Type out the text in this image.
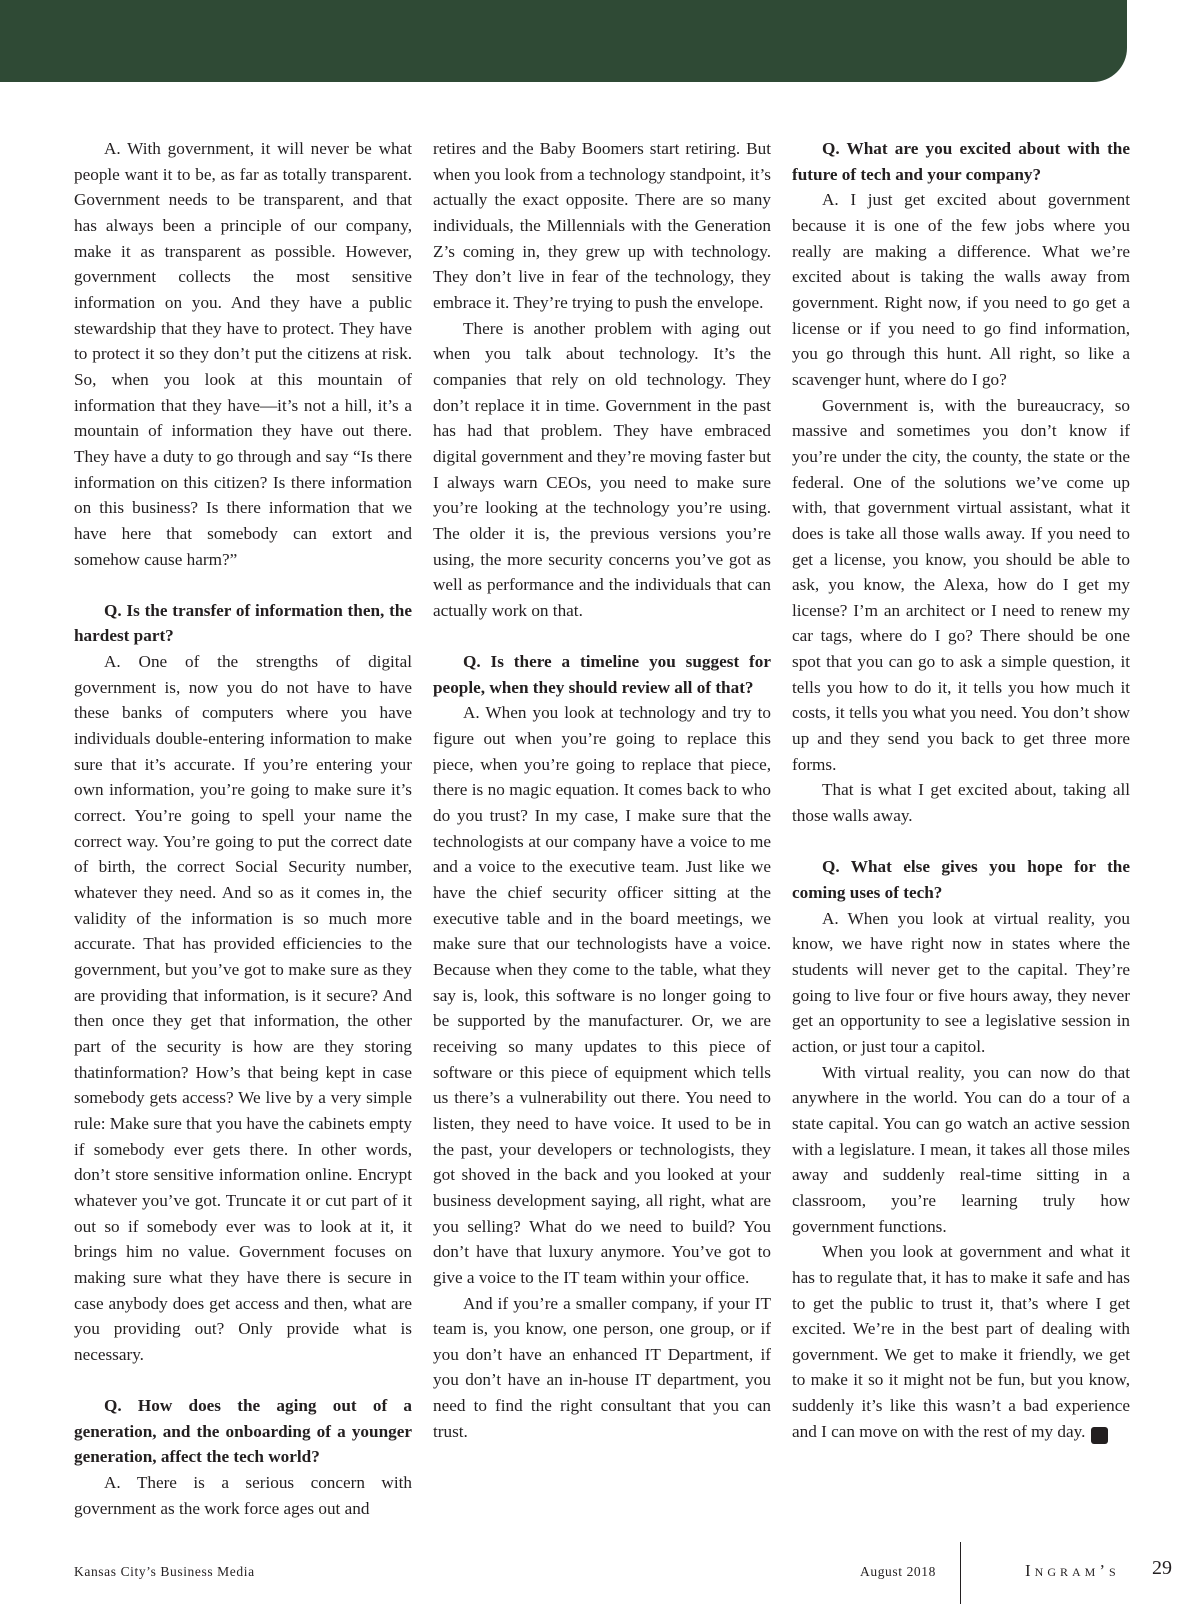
A. With government, it will never be what people want it to be, as far as totally transparent. Government needs to be transparent, and that has always been a principle of our company, make it as transparent as possible. However, government collects the most sensitive information on you. And they have a public stewardship that they have to protect. They have to protect it so they don’t put the citizens at risk. So, when you look at this mountain of information that they have—it’s not a hill, it’s a mountain of information they have out there. They have a duty to go through and say “Is there information on this citizen? Is there information on this business? Is there information that we have here that somebody can extort and somehow cause harm?”

Q. Is the transfer of information then, the hardest part?

A. One of the strengths of digital government is, now you do not have to have these banks of computers where you have individuals double-entering information to make sure that it’s accurate. If you’re entering your own information, you’re going to make sure it’s correct. You’re going to spell your name the correct way. You’re going to put the correct date of birth, the correct Social Security number, whatever they need. And so as it comes in, the validity of the information is so much more accurate. That has provided efficiencies to the government, but you’ve got to make sure as they are providing that information, is it secure? And then once they get that information, the other part of the security is how are they storing thatinformation? How’s that being kept in case somebody gets access? We live by a very simple rule: Make sure that you have the cabinets empty if somebody ever gets there. In other words, don’t store sensitive information online. Encrypt whatever you’ve got. Truncate it or cut part of it out so if somebody ever was to look at it, it brings him no value. Government focuses on making sure what they have there is secure in case anybody does get access and then, what are you providing out? Only provide what is necessary.

Q. How does the aging out of a generation, and the onboarding of a younger generation, affect the tech world?

A. There is a serious concern with government as the work force ages out and

retires and the Baby Boomers start retiring. But when you look from a technology standpoint, it’s actually the exact opposite. There are so many individuals, the Millennials with the Generation Z’s coming in, they grew up with technology. They don’t live in fear of the technology, they embrace it. They’re trying to push the envelope.

There is another problem with aging out when you talk about technology. It’s the companies that rely on old technology. They don’t replace it in time. Government in the past has had that problem. They have embraced digital government and they’re moving faster but I always warn CEOs, you need to make sure you’re looking at the technology you’re using. The older it is, the previous versions you’re using, the more security concerns you’ve got as well as performance and the individuals that can actually work on that.

Q. Is there a timeline you suggest for people, when they should review all of that?

A. When you look at technology and try to figure out when you’re going to replace this piece, when you’re going to replace that piece, there is no magic equation. It comes back to who do you trust? In my case, I make sure that the technologists at our company have a voice to me and a voice to the executive team. Just like we have the chief security officer sitting at the executive table and in the board meetings, we make sure that our technologists have a voice. Because when they come to the table, what they say is, look, this software is no longer going to be supported by the manufacturer. Or, we are receiving so many updates to this piece of software or this piece of equipment which tells us there’s a vulnerability out there. You need to listen, they need to have voice. It used to be in the past, your developers or technologists, they got shoved in the back and you looked at your business development saying, all right, what are you selling? What do we need to build? You don’t have that luxury anymore. You’ve got to give a voice to the IT team within your office.

And if you’re a smaller company, if your IT team is, you know, one person, one group, or if you don’t have an enhanced IT Department, if you don’t have an in-house IT department, you need to find the right consultant that you can trust.

Q. What are you excited about with the future of tech and your company?

A. I just get excited about government because it is one of the few jobs where you really are making a difference. What we’re excited about is taking the walls away from government. Right now, if you need to go get a license or if you need to go find information, you go through this hunt. All right, so like a scavenger hunt, where do I go?

Government is, with the bureaucracy, so massive and sometimes you don’t know if you’re under the city, the county, the state or the federal. One of the solutions we’ve come up with, that government virtual assistant, what it does is take all those walls away. If you need to get a license, you know, you should be able to ask, you know, the Alexa, how do I get my license? I’m an architect or I need to renew my car tags, where do I go? There should be one spot that you can go to ask a simple question, it tells you how to do it, it tells you how much it costs, it tells you what you need. You don’t show up and they send you back to get three more forms.

That is what I get excited about, taking all those walls away.

Q. What else gives you hope for the coming uses of tech?

A. When you look at virtual reality, you know, we have right now in states where the students will never get to the capital. They’re going to live four or five hours away, they never get an opportunity to see a legislative session in action, or just tour a capitol.

With virtual reality, you can now do that anywhere in the world. You can do a tour of a state capital. You can go watch an active session with a legislature. I mean, it takes all those miles away and suddenly real-time sitting in a classroom, you’re learning truly how government functions.

When you look at government and what it has to regulate that, it has to make it safe and has to get the public to trust it, that’s where I get excited. We’re in the best part of dealing with government. We get to make it friendly, we get to make it so it might not be fun, but you know, suddenly it’s like this wasn’t a bad experience and I can move on with the rest of my day.	I

Kansas City’s Business Media	August 2018	Ingram’s 29
